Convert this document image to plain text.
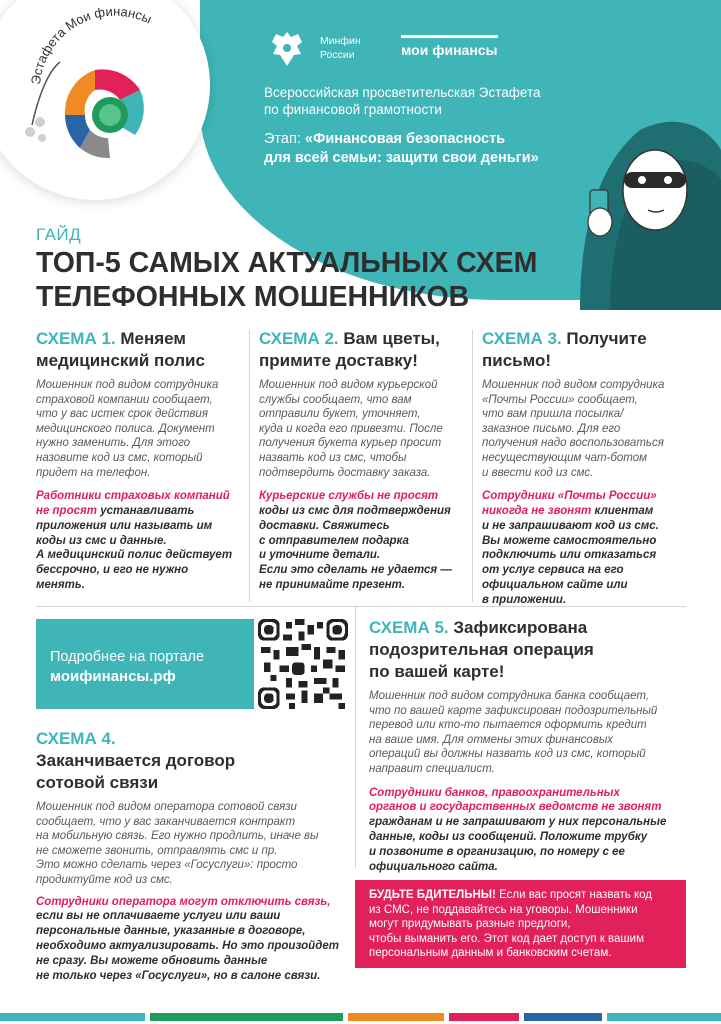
Эстафета Мои финансы
Минфин
России	мои финансы
Всероссийская просветительская Эстафета
по финансовой грамотности
Этап: «Финансовая безопасность
для всей семьи: защити свои деньги»
ГАЙД
ТОП-5 САМЫХ АКТУАЛЬНЫХ СХЕМ
ТЕЛЕФОННЫХ МОШЕННИКОВ
СХЕМА 1. Меняем
медицинский полис
Мошенник под видом сотрудника
страховой компании сообщает,
что у вас истек срок действия
медицинского полиса. Документ
нужно заменить. Для этого
назовите код из смс, который
придет на телефон.
Работники страховых компаний
не просят устанавливать
приложения или называть им
коды из смс и данные.
А медицинский полис действует
бессрочно, и его не нужно
менять.
СХЕМА 2. Вам цветы,
примите доставку!
Мошенник под видом курьерской
службы сообщает, что вам
отправили букет, уточняет,
куда и когда его привезти. После
получения букета курьер просит
назвать код из смс, чтобы
подтвердить доставку заказа.
Курьерские службы не просят
коды из смс для подтверждения
доставки. Свяжитесь
с отправителем подарка
и уточните детали.
Если это сделать не удается —
не принимайте презент.
СХЕМА 3. Получите
письмо!
Мошенник под видом сотрудника
«Почты России» сообщает,
что вам пришла посылка/
заказное письмо. Для его
получения надо воспользоваться
несуществующим чат-ботом
и ввести код из смс.
Сотрудники «Почты России»
никогда не звонят клиентам
и не запрашивают код из смс.
Вы можете самостоятельно
подключить или отказаться
от услуг сервиса на его
официальном сайте или
в приложении.
Подробнее на портале
моифинансы.рф
СХЕМА 4.
Заканчивается договор
сотовой связи
Мошенник под видом оператора сотовой связи
сообщает, что у вас заканчивается контракт
на мобильную связь. Его нужно продлить, иначе вы
не сможете звонить, отправлять смс и пр.
Это можно сделать через «Госуслуги»: просто
продиктуйте код из смс.
Сотрудники оператора могут отключить связь,
если вы не оплачиваете услуги или ваши
персональные данные, указанные в договоре,
необходимо актуализировать. Но это произойдет
не сразу. Вы можете обновить данные
не только через «Госуслуги», но в салоне связи.
СХЕМА 5. Зафиксирована
подозрительная операция
по вашей карте!
Мошенник под видом сотрудника банка сообщает,
что по вашей карте зафиксирован подозрительный
перевод или кто-то пытается оформить кредит
на ваше имя. Для отмены этих финансовых
операций вы должны назвать код из смс, который
направит специалист.
Сотрудники банков, правоохранительных
органов и государственных ведомств не звонят
гражданам и не запрашивают у них персональные
данные, коды из сообщений. Положите трубку
и позвоните в организацию, по номеру с ее
официального сайта.
БУДЬТЕ БДИТЕЛЬНЫ! Если вас просят назвать код
из СМС, не поддавайтесь на уговоры. Мошенники
могут придумывать разные предлоги,
чтобы выманить его. Этот код дает доступ к вашим
персональным данным и банковским счетам.
